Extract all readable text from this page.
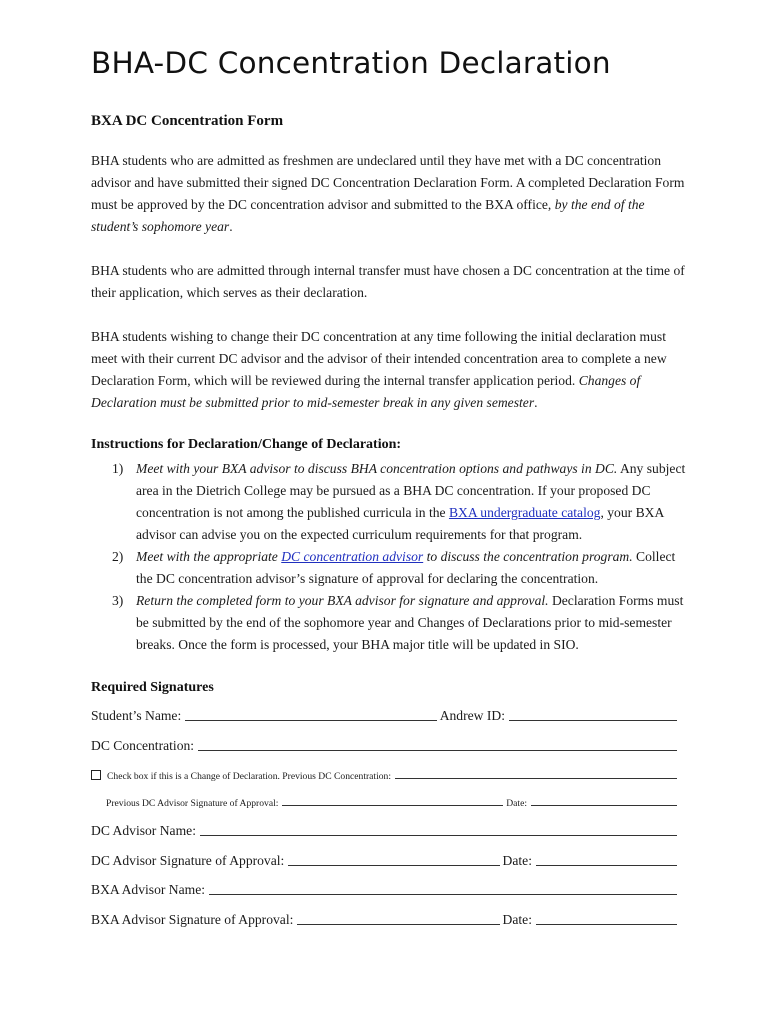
BHA-DC Concentration Declaration
BXA DC Concentration Form

BHA students who are admitted as freshmen are undeclared until they have met with a DC concentration advisor and have submitted their signed DC Concentration Declaration Form. A completed Declaration Form must be approved by the DC concentration advisor and submitted to the BXA office, by the end of the student’s sophomore year.

BHA students who are admitted through internal transfer must have chosen a DC concentration at the time of their application, which serves as their declaration.

BHA students wishing to change their DC concentration at any time following the initial declaration must meet with their current DC advisor and the advisor of their intended concentration area to complete a new Declaration Form, which will be reviewed during the internal transfer application period. Changes of Declaration must be submitted prior to mid-semester break in any given semester.

Instructions for Declaration/Change of Declaration:
1) Meet with your BXA advisor to discuss BHA concentration options and pathways in DC. Any subject area in the Dietrich College may be pursued as a BHA DC concentration. If your proposed DC concentration is not among the published curricula in the BXA undergraduate catalog, your BXA advisor can advise you on the expected curriculum requirements for that program.
2) Meet with the appropriate DC concentration advisor to discuss the concentration program. Collect the DC concentration advisor’s signature of approval for declaring the concentration.
3) Return the completed form to your BXA advisor for signature and approval. Declaration Forms must be submitted by the end of the sophomore year and Changes of Declarations prior to mid-semester breaks. Once the form is processed, your BHA major title will be updated in SIO.
Required Signatures
Student’s Name:	Andrew ID:
DC Concentration:
Check box if this is a Change of Declaration. Previous DC Concentration:
Previous DC Advisor Signature of Approval:	Date:
DC Advisor Name:
DC Advisor Signature of Approval:	Date:
BXA Advisor Name:
BXA Advisor Signature of Approval:	Date:
